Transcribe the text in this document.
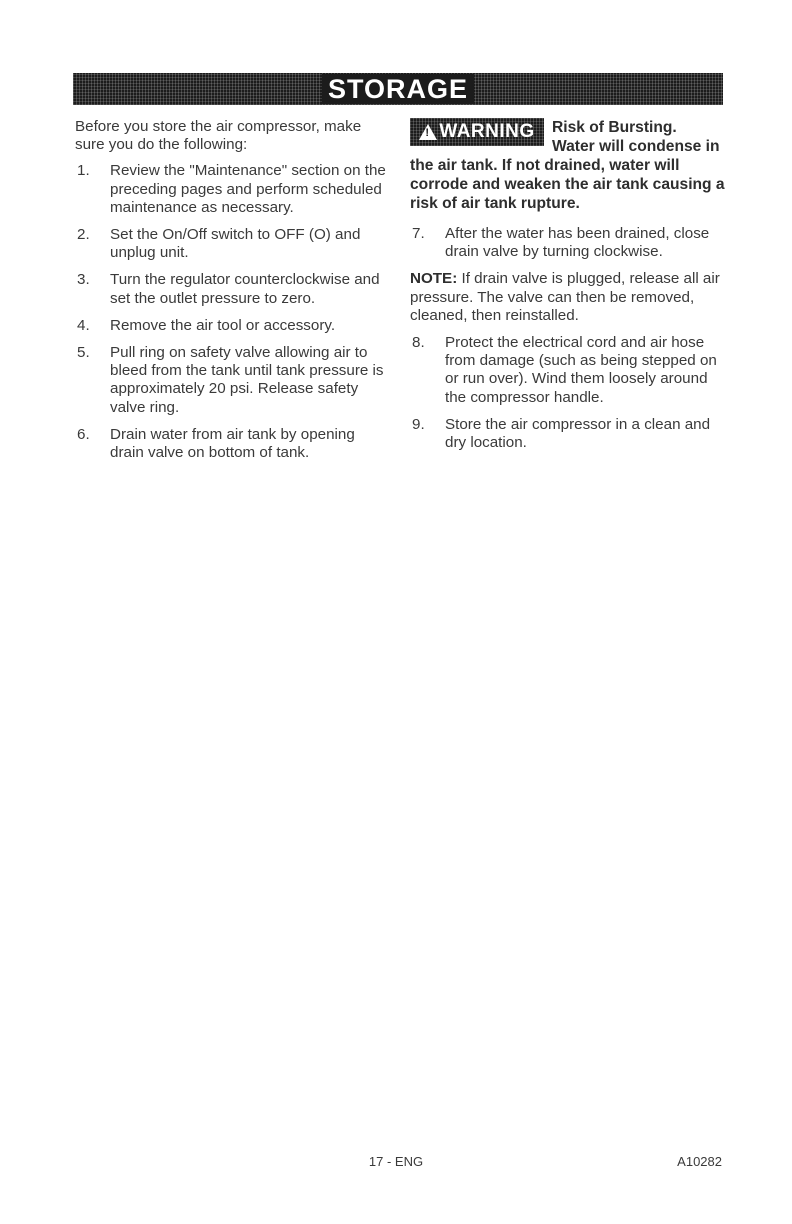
STORAGE

Before you store the air compressor, make sure you do the following:

1. Review the "Maintenance" section on the preceding pages and perform scheduled maintenance as necessary.
2. Set the On/Off switch to OFF (O) and unplug unit.
3. Turn the regulator counterclockwise and set the outlet pressure to zero.
4. Remove the air tool or accessory.
5. Pull ring on safety valve allowing air to bleed from the tank until tank pressure is approximately 20 psi. Release safety valve ring.
6. Drain water from air tank by opening drain valve on bottom of tank.
! WARNING	Risk of Bursting.
Water will condense in the air tank. If not drained, water will corrode and weaken the air tank causing a risk of air tank rupture.
7. After the water has been drained, close drain valve by turning clockwise.

NOTE: If drain valve is plugged, release all air pressure. The valve can then be removed, cleaned, then reinstalled.

8. Protect the electrical cord and air hose from damage (such as being stepped on or run over). Wind them loosely around the compressor handle.
9. Store the air compressor in a clean and dry location.
17 - ENG	A10282
